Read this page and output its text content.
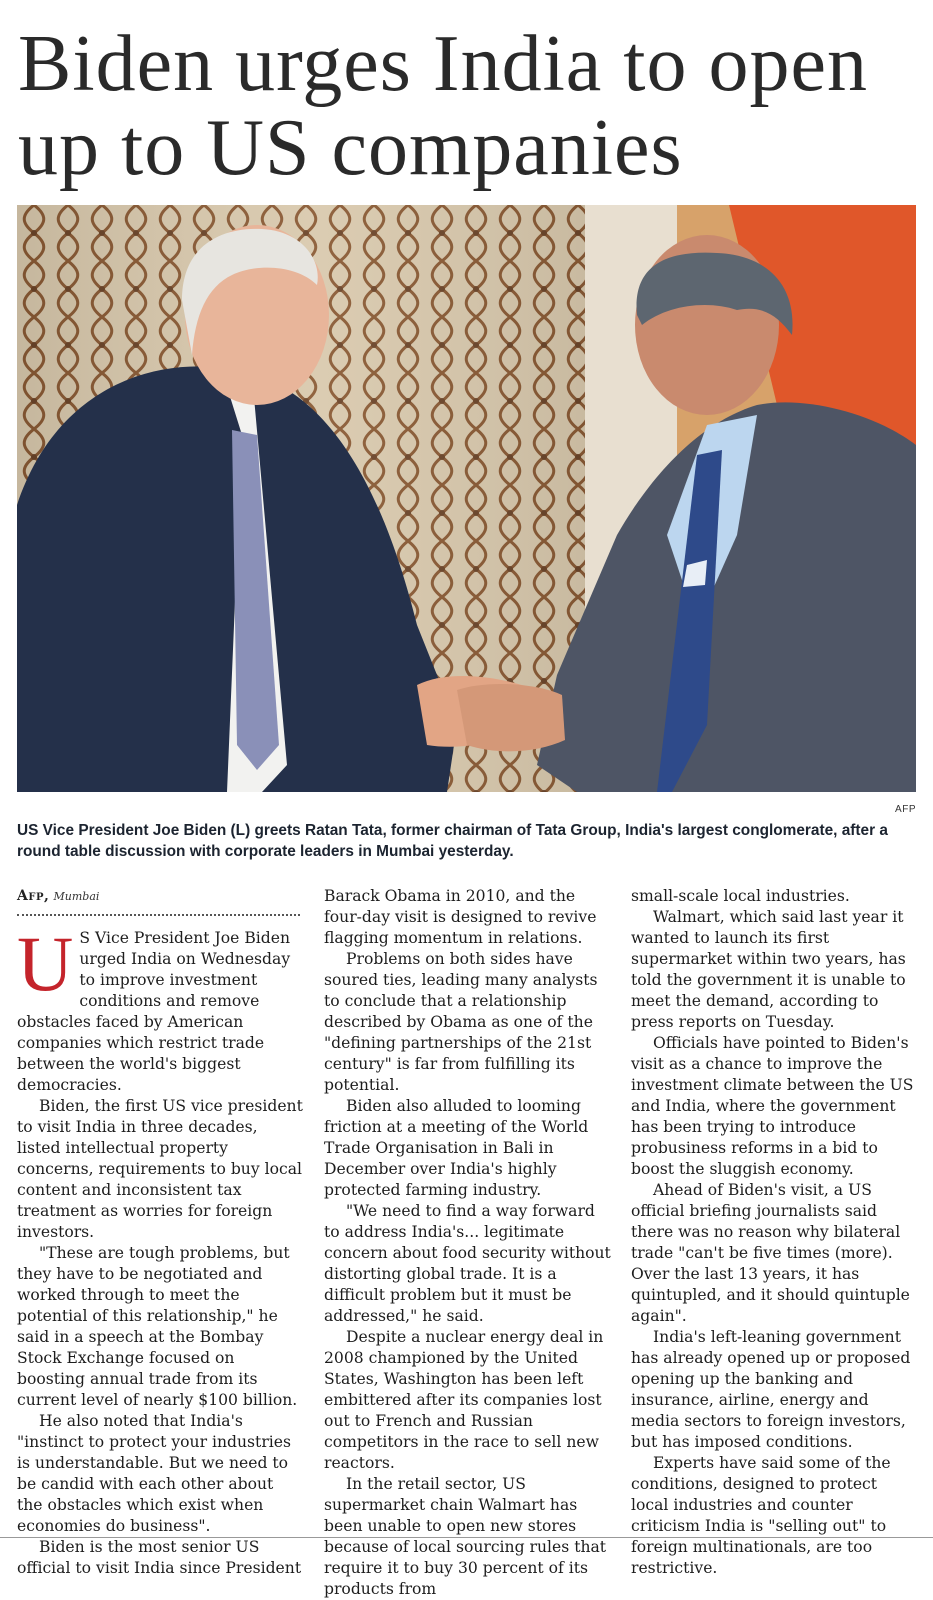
Biden urges India to open up to US companies
AFP

US Vice President Joe Biden (L) greets Ratan Tata, former chairman of Tata Group, India's largest conglomerate, after a round table discussion with corporate leaders in Mumbai yesterday.

Afp, Mumbai

U S Vice President Joe Biden urged India on Wednesday to improve investment conditions and remove obstacles faced by American companies which restrict trade between the world's biggest democracies.

Biden, the first US vice president to visit India in three decades, listed intellectual property concerns, requirements to buy local content and inconsistent tax treatment as worries for foreign investors.

"These are tough problems, but they have to be negotiated and worked through to meet the potential of this relationship," he said in a speech at the Bombay Stock Exchange focused on boosting annual trade from its current level of nearly $100 billion.

He also noted that India's "instinct to protect your industries is understandable. But we need to be candid with each other about the obstacles which exist when economies do business".

Biden is the most senior US official to visit India since President

Barack Obama in 2010, and the four-day visit is designed to revive flagging momentum in relations.

Problems on both sides have soured ties, leading many analysts to conclude that a relationship described by Obama as one of the "defining partnerships of the 21st century" is far from fulfilling its potential.

Biden also alluded to looming friction at a meeting of the World Trade Organisation in Bali in December over India's highly protected farming industry.

"We need to find a way forward to address India's... legitimate concern about food security without distorting global trade. It is a difficult problem but it must be addressed," he said.

Despite a nuclear energy deal in 2008 championed by the United States, Washington has been left embittered after its companies lost out to French and Russian competitors in the race to sell new reactors.

In the retail sector, US supermarket chain Walmart has been unable to open new stores because of local sourcing rules that require it to buy 30 percent of its products from

small-scale local industries.

Walmart, which said last year it wanted to launch its first supermarket within two years, has told the government it is unable to meet the demand, according to press reports on Tuesday.

Officials have pointed to Biden's visit as a chance to improve the investment climate between the US and India, where the government has been trying to introduce probusiness reforms in a bid to boost the sluggish economy.

Ahead of Biden's visit, a US official briefing journalists said there was no reason why bilateral trade "can't be five times (more). Over the last 13 years, it has quintupled, and it should quintuple again".

India's left-leaning government has already opened up or proposed opening up the banking and insurance, airline, energy and media sectors to foreign investors, but has imposed conditions.

Experts have said some of the conditions, designed to protect local industries and counter criticism India is "selling out" to foreign multinationals, are too restrictive.
